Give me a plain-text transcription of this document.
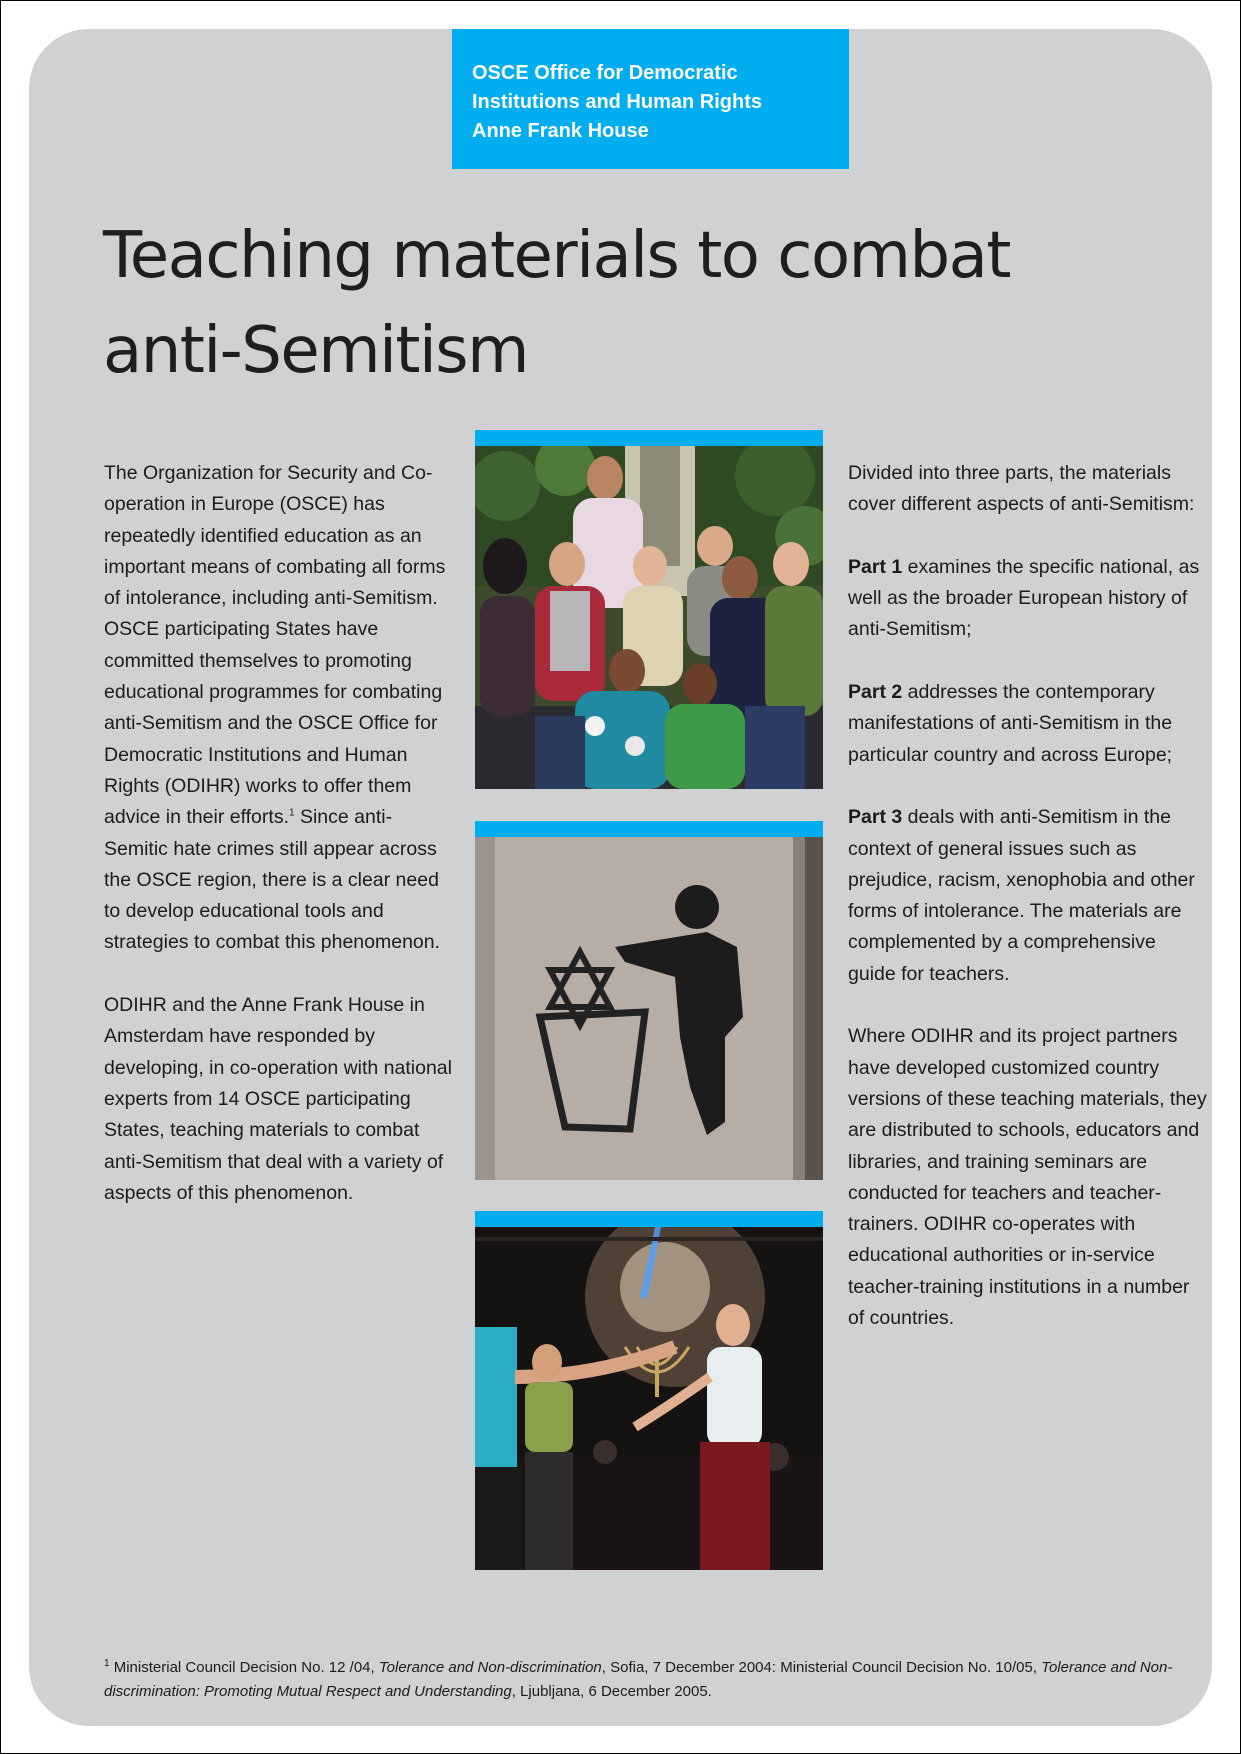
OSCE Office for Democratic
Institutions and Human Rights
Anne Frank House
Teaching materials to combat
anti-Semitism

The Organization for Security and Co-operation in Europe (OSCE) has repeatedly identified education as an important means of combating all forms of intolerance, including anti-Semitism. OSCE participating States have committed themselves to promoting educational programmes for combating anti-Semitism and the OSCE Office for Democratic Institutions and Human Rights (ODIHR) works to offer them advice in their efforts.$^1$ Since anti-Semitic hate crimes still appear across the OSCE region, there is a clear need to develop educational tools and strategies to combat this phenomenon.

ODIHR and the Anne Frank House in Amsterdam have responded by developing, in co-operation with national experts from 14 OSCE participating States, teaching materials to combat anti-Semitism that deal with a variety of aspects of this phenomenon.

Divided into three parts, the materials cover different aspects of anti-Semitism:

Part 1 examines the specific national, as well as the broader European history of anti-Semitism;

Part 2 addresses the contemporary manifestations of anti-Semitism in the particular country and across Europe;

Part 3 deals with anti-Semitism in the context of general issues such as prejudice, racism, xenophobia and other forms of intolerance. The materials are complemented by a comprehensive guide for teachers.

Where ODIHR and its project partners have developed customized country versions of these teaching materials, they are distributed to schools, educators and libraries, and training seminars are conducted for teachers and teacher-trainers. ODIHR co-operates with educational authorities or in-service teacher-training institutions in a number of countries.

$^1$ Ministerial Council Decision No. 12 /04, Tolerance and Non-discrimination, Sofia, 7 December 2004: Ministerial Council Decision No. 10/05, Tolerance and Non-discrimination: Promoting Mutual Respect and Understanding, Ljubljana, 6 December 2005.
